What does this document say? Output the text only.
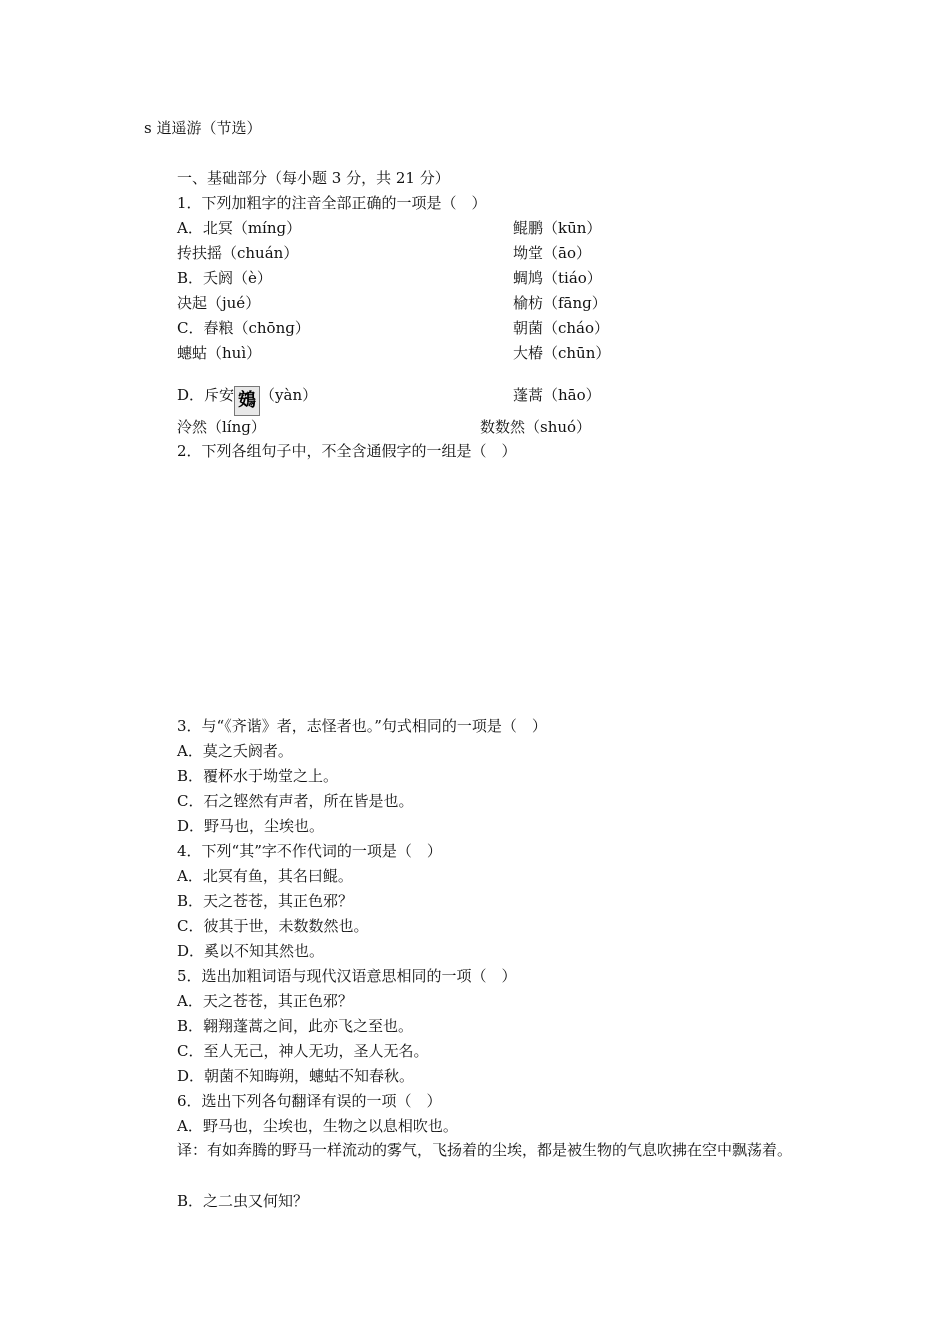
s 逍遥游（节选）
一、基础部分（每小题 3 分，共 21 分）
1．下列加粗字的注音全部正确的一项是（　）
A．北冥（mínɡ）	鲲鹏（kūn）
抟扶摇（chuán）	坳堂（āo）
B．夭阏（è）	蜩鸠（tiáo）
决起（jué）	榆枋（fānɡ）
C．舂粮（chōnɡ）	朝菌（cháo）
蟪蛄（huì）	大椿（chūn）
D．斥安 鴳 （yàn）	蓬蒿（hāo）
泠然（línɡ）	数数然（shuó）
2．下列各组句子中，不全含通假字的一组是（　）
3．与“《齐谐》者，志怪者也。”句式相同的一项是（　）
A．莫之夭阏者。
B．覆杯水于坳堂之上。
C．石之铿然有声者，所在皆是也。
D．野马也，尘埃也。
4．下列“其”字不作代词的一项是（　）
A．北冥有鱼，其名曰鲲。
B．天之苍苍，其正色邪？
C．彼其于世，未数数然也。
D．奚以不知其然也。
5．选出加粗词语与现代汉语意思相同的一项（　）
A．天之苍苍，其正色邪？
B．翱翔蓬蒿之间，此亦飞之至也。
C．至人无己，神人无功，圣人无名。
D．朝菌不知晦朔，蟪蛄不知春秋。
6．选出下列各句翻译有误的一项（　）
A．野马也，尘埃也，生物之以息相吹也。
译：有如奔腾的野马一样流动的雾气，飞扬着的尘埃，都是被生物的气息吹拂在空中飘荡着。
B．之二虫又何知？
